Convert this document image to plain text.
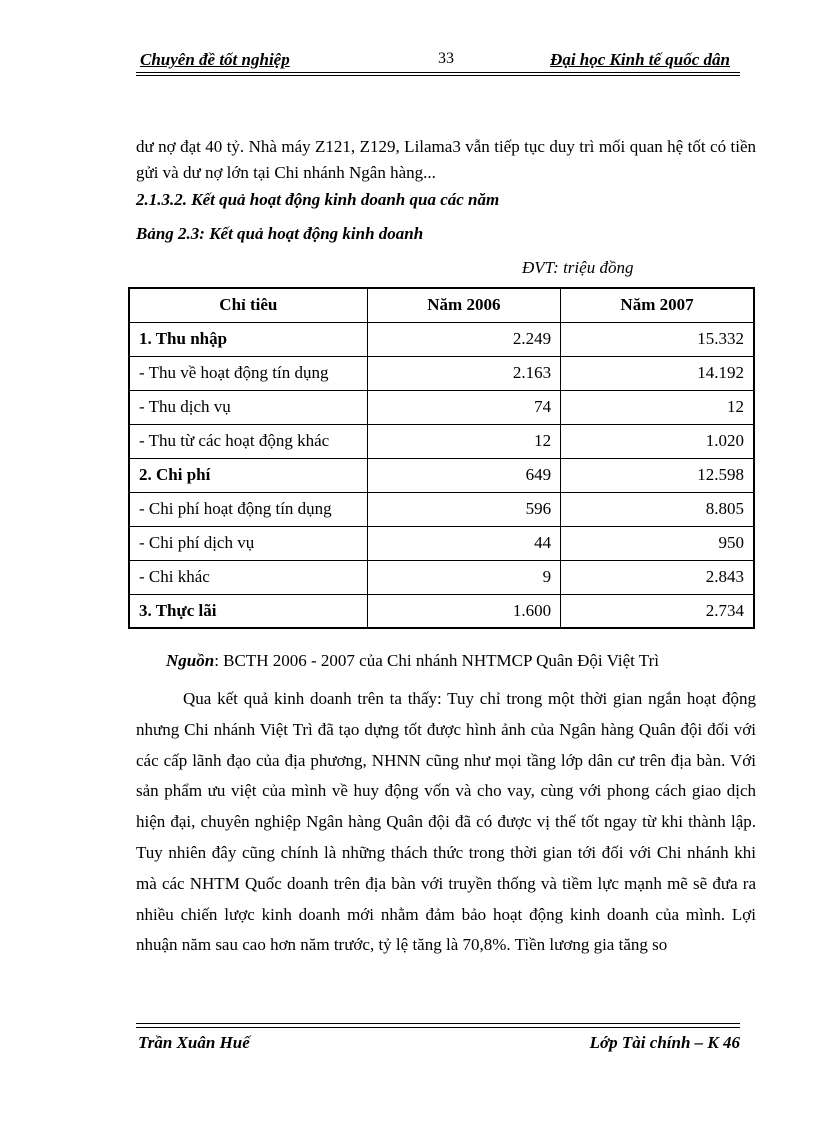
Chuyên đề tốt nghiệp	33	Đại học Kinh tế quốc dân
dư nợ đạt 40 tỷ. Nhà máy Z121, Z129, Lilama3 vẫn tiếp tục duy trì mối quan hệ tốt có tiền gửi và dư nợ lớn tại Chi nhánh Ngân hàng...
2.1.3.2. Kết quả hoạt động kinh doanh qua các năm
Bảng 2.3: Kết quả hoạt động kinh doanh
ĐVT: triệu đồng
Chỉ tiêu	Năm 2006	Năm 2007
1. Thu nhập	2.249	15.332
- Thu về hoạt động tín dụng	2.163	14.192
- Thu dịch vụ	74	12
- Thu từ các hoạt động khác	12	1.020
2. Chi phí	649	12.598
- Chi phí hoạt động tín dụng	596	8.805
- Chi phí dịch vụ	44	950
- Chi khác	9	2.843
3. Thực lãi	1.600	2.734
Nguồn: BCTH 2006 - 2007 của Chi nhánh NHTMCP Quân Đội Việt Trì
Qua kết quả kinh doanh trên ta thấy: Tuy chỉ trong một thời gian ngắn hoạt động nhưng Chi nhánh Việt Trì đã tạo dựng tốt được hình ảnh của Ngân hàng Quân đội đối với các cấp lãnh đạo của địa phương, NHNN cũng như mọi tầng lớp dân cư trên địa bàn. Với sản phẩm ưu việt của mình về huy động vốn và cho vay, cùng với phong cách giao dịch hiện đại, chuyên nghiệp Ngân hàng Quân đội đã có được vị thế tốt ngay từ khi thành lập. Tuy nhiên đây cũng chính là những thách thức trong thời gian tới đối với Chi nhánh khi mà các NHTM Quốc doanh trên địa bàn với truyền thống và tiềm lực mạnh mẽ sẽ đưa ra nhiều chiến lược kinh doanh mới nhằm đảm bảo hoạt động kinh doanh của mình. Lợi nhuận năm sau cao hơn năm trước, tỷ lệ tăng là 70,8%. Tiền lương gia tăng so
Trần Xuân Huế	Lớp Tài chính – K 46
